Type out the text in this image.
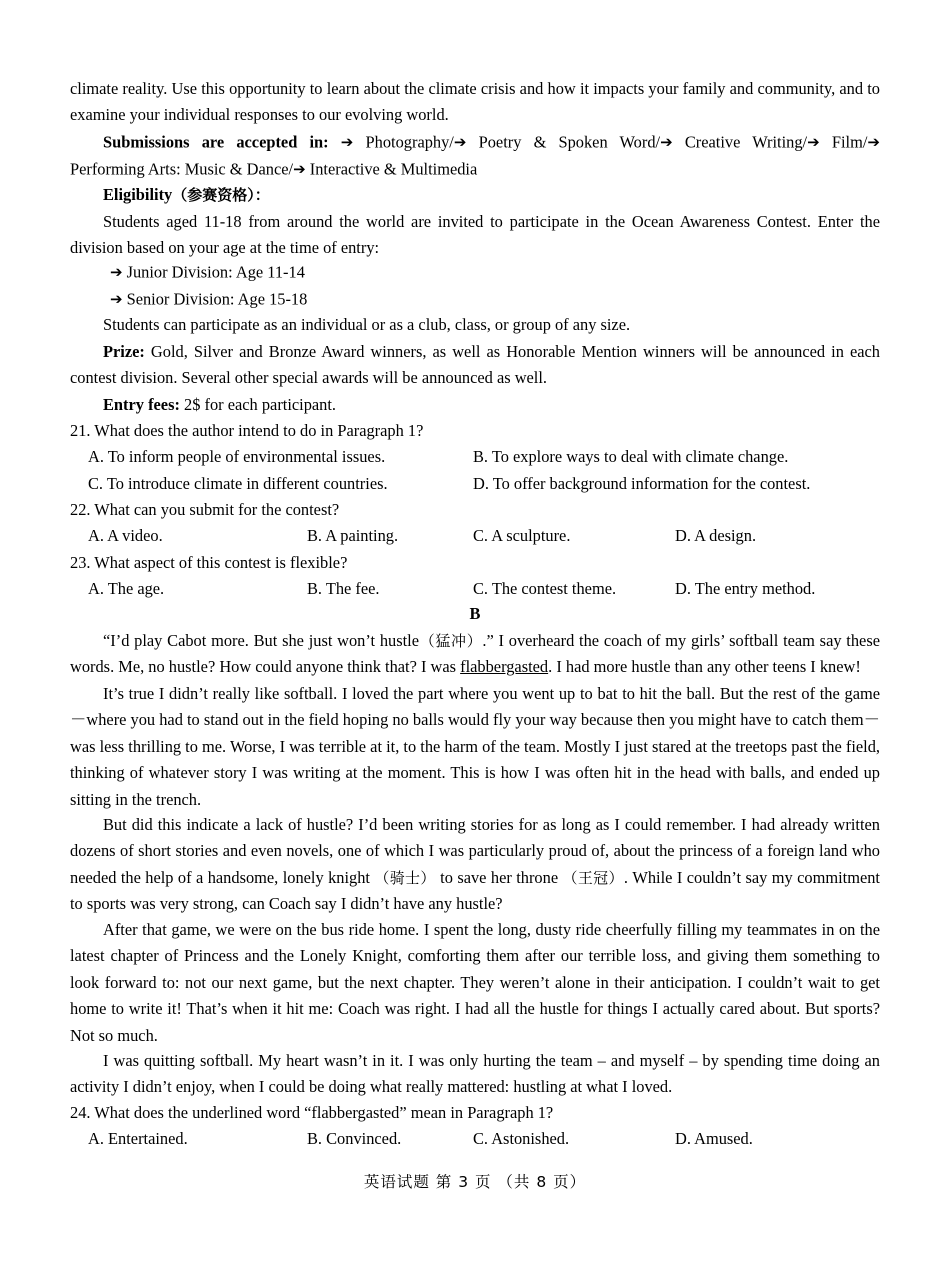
climate reality. Use this opportunity to learn about the climate crisis and how it impacts your family and community, and to examine your individual responses to our evolving world.

Submissions are accepted in: ➔ Photography/➔ Poetry & Spoken Word/➔ Creative Writing/➔ Film/➔

Performing Arts: Music & Dance/➔ Interactive & Multimedia

Eligibility（参赛资格）：

Students aged 11-18 from around the world are invited to participate in the Ocean Awareness Contest. Enter the division based on your age at the time of entry:

➔ Junior Division: Age 11-14

➔ Senior Division: Age 15-18

Students can participate as an individual or as a club, class, or group of any size.

Prize: Gold, Silver and Bronze Award winners, as well as Honorable Mention winners will be announced in each contest division. Several other special awards will be announced as well.

Entry fees: 2$ for each participant.

21. What does the author intend to do in Paragraph 1?

A. To inform people of environmental issues.	B. To explore ways to deal with climate change.
C. To introduce climate in different countries.	D. To offer background information for the contest.

22. What can you submit for the contest?

A. A video.	B. A painting.	C. A sculpture.	D. A design.

23. What aspect of this contest is flexible?

A. The age.	B. The fee.	C. The contest theme.	D. The entry method.

B

“I’d play Cabot more. But she just won’t hustle（猛冲）.” I overheard the coach of my girls’ softball team say these words. Me, no hustle? How could anyone think that? I was flabbergasted. I had more hustle than any other teens I knew!

It’s true I didn’t really like softball. I loved the part where you went up to bat to hit the ball. But the rest of the game－where you had to stand out in the field hoping no balls would fly your way because then you might have to catch them－was less thrilling to me. Worse, I was terrible at it, to the harm of the team. Mostly I just stared at the treetops past the field, thinking of whatever story I was writing at the moment. This is how I was often hit in the head with balls, and ended up sitting in the trench.

But did this indicate a lack of hustle? I’d been writing stories for as long as I could remember. I had already written dozens of short stories and even novels, one of which I was particularly proud of, about the princess of a foreign land who needed the help of a handsome, lonely knight （骑士） to save her throne （王冠）. While I couldn’t say my commitment to sports was very strong, can Coach say I didn’t have any hustle?

After that game, we were on the bus ride home. I spent the long, dusty ride cheerfully filling my teammates in on the latest chapter of Princess and the Lonely Knight, comforting them after our terrible loss, and giving them something to look forward to: not our next game, but the next chapter. They weren’t alone in their anticipation. I couldn’t wait to get home to write it! That’s when it hit me: Coach was right. I had all the hustle for things I actually cared about. But sports? Not so much.

I was quitting softball. My heart wasn’t in it. I was only hurting the team – and myself – by spending time doing an activity I didn’t enjoy, when I could be doing what really mattered: hustling at what I loved.

24. What does the underlined word “flabbergasted” mean in Paragraph 1?

A. Entertained.	B. Convinced.	C. Astonished.	D. Amused.
英语试题 第 3 页 （共 8 页）
